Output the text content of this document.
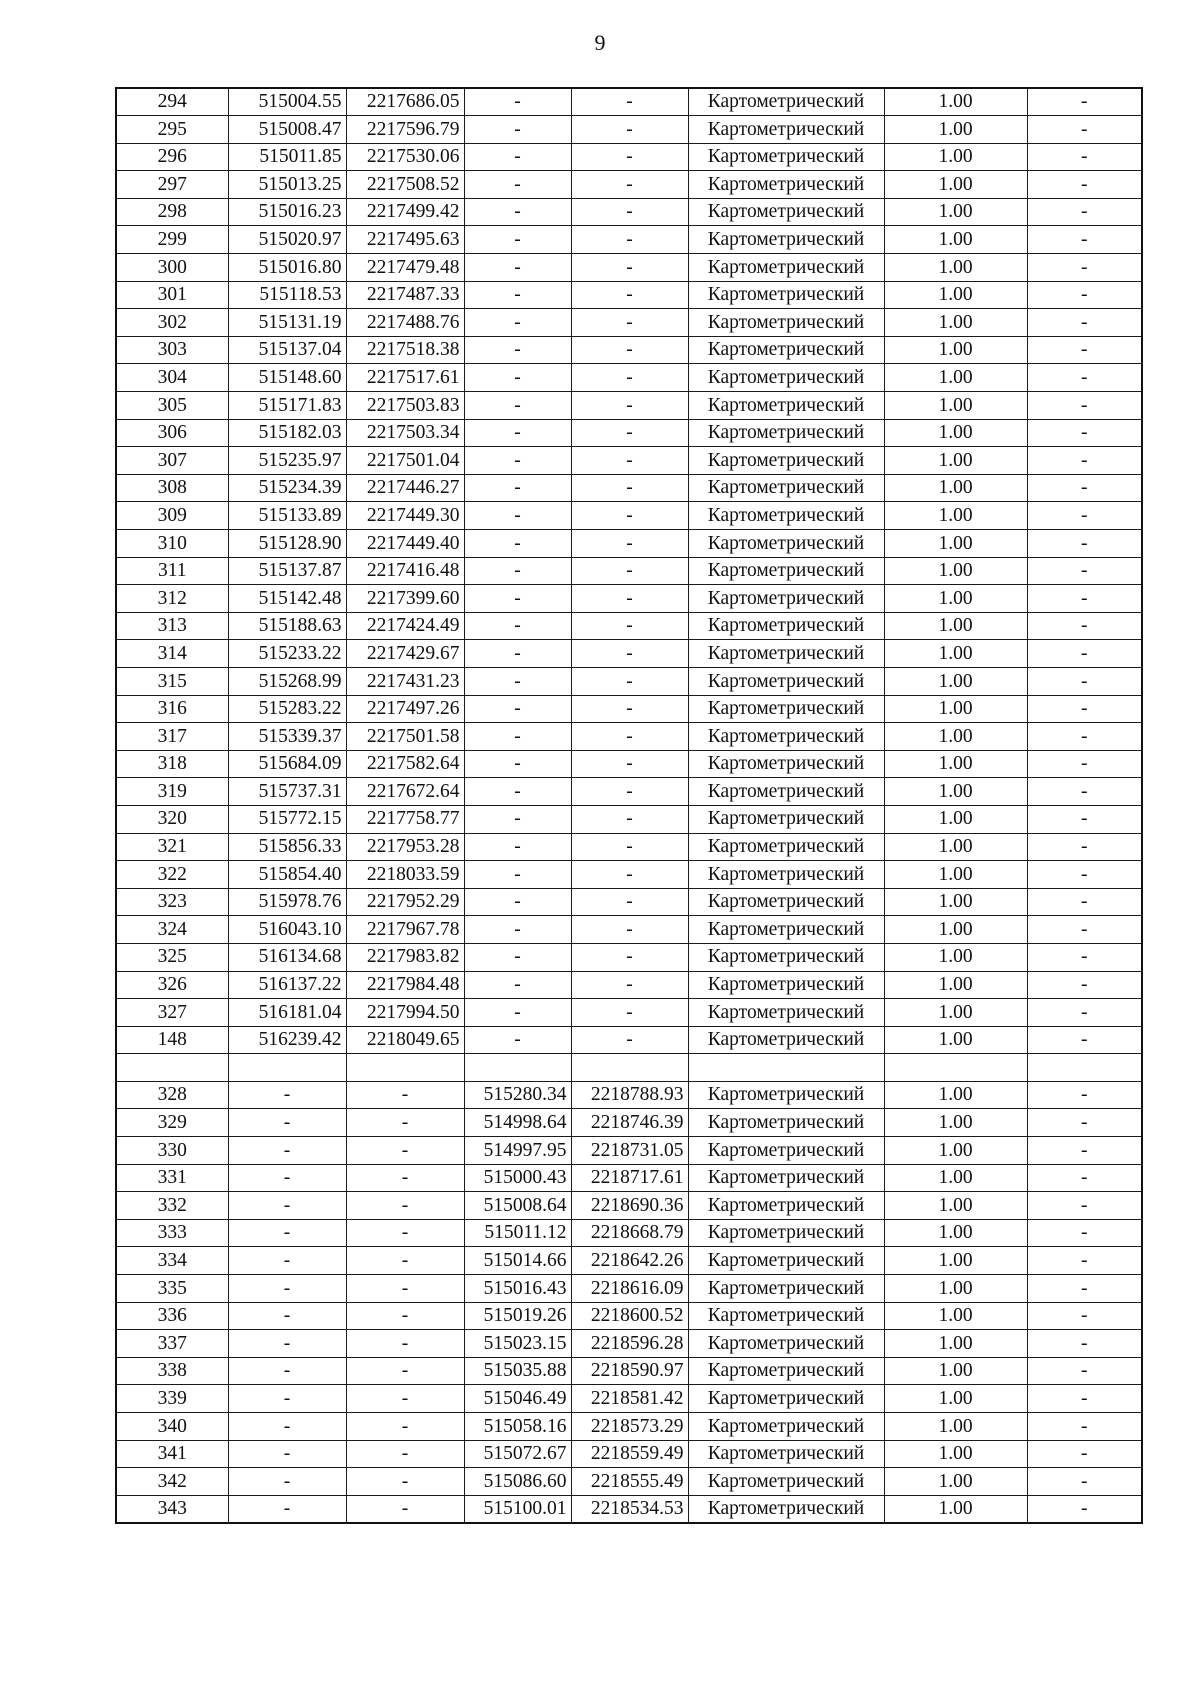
9
294	515004.55	2217686.05	-	-	Картометрический	1.00	-
295	515008.47	2217596.79	-	-	Картометрический	1.00	-
296	515011.85	2217530.06	-	-	Картометрический	1.00	-
297	515013.25	2217508.52	-	-	Картометрический	1.00	-
298	515016.23	2217499.42	-	-	Картометрический	1.00	-
299	515020.97	2217495.63	-	-	Картометрический	1.00	-
300	515016.80	2217479.48	-	-	Картометрический	1.00	-
301	515118.53	2217487.33	-	-	Картометрический	1.00	-
302	515131.19	2217488.76	-	-	Картометрический	1.00	-
303	515137.04	2217518.38	-	-	Картометрический	1.00	-
304	515148.60	2217517.61	-	-	Картометрический	1.00	-
305	515171.83	2217503.83	-	-	Картометрический	1.00	-
306	515182.03	2217503.34	-	-	Картометрический	1.00	-
307	515235.97	2217501.04	-	-	Картометрический	1.00	-
308	515234.39	2217446.27	-	-	Картометрический	1.00	-
309	515133.89	2217449.30	-	-	Картометрический	1.00	-
310	515128.90	2217449.40	-	-	Картометрический	1.00	-
311	515137.87	2217416.48	-	-	Картометрический	1.00	-
312	515142.48	2217399.60	-	-	Картометрический	1.00	-
313	515188.63	2217424.49	-	-	Картометрический	1.00	-
314	515233.22	2217429.67	-	-	Картометрический	1.00	-
315	515268.99	2217431.23	-	-	Картометрический	1.00	-
316	515283.22	2217497.26	-	-	Картометрический	1.00	-
317	515339.37	2217501.58	-	-	Картометрический	1.00	-
318	515684.09	2217582.64	-	-	Картометрический	1.00	-
319	515737.31	2217672.64	-	-	Картометрический	1.00	-
320	515772.15	2217758.77	-	-	Картометрический	1.00	-
321	515856.33	2217953.28	-	-	Картометрический	1.00	-
322	515854.40	2218033.59	-	-	Картометрический	1.00	-
323	515978.76	2217952.29	-	-	Картометрический	1.00	-
324	516043.10	2217967.78	-	-	Картометрический	1.00	-
325	516134.68	2217983.82	-	-	Картометрический	1.00	-
326	516137.22	2217984.48	-	-	Картометрический	1.00	-
327	516181.04	2217994.50	-	-	Картометрический	1.00	-
148	516239.42	2218049.65	-	-	Картометрический	1.00	-

328	-	-	515280.34	2218788.93	Картометрический	1.00	-
329	-	-	514998.64	2218746.39	Картометрический	1.00	-
330	-	-	514997.95	2218731.05	Картометрический	1.00	-
331	-	-	515000.43	2218717.61	Картометрический	1.00	-
332	-	-	515008.64	2218690.36	Картометрический	1.00	-
333	-	-	515011.12	2218668.79	Картометрический	1.00	-
334	-	-	515014.66	2218642.26	Картометрический	1.00	-
335	-	-	515016.43	2218616.09	Картометрический	1.00	-
336	-	-	515019.26	2218600.52	Картометрический	1.00	-
337	-	-	515023.15	2218596.28	Картометрический	1.00	-
338	-	-	515035.88	2218590.97	Картометрический	1.00	-
339	-	-	515046.49	2218581.42	Картометрический	1.00	-
340	-	-	515058.16	2218573.29	Картометрический	1.00	-
341	-	-	515072.67	2218559.49	Картометрический	1.00	-
342	-	-	515086.60	2218555.49	Картометрический	1.00	-
343	-	-	515100.01	2218534.53	Картометрический	1.00	-
